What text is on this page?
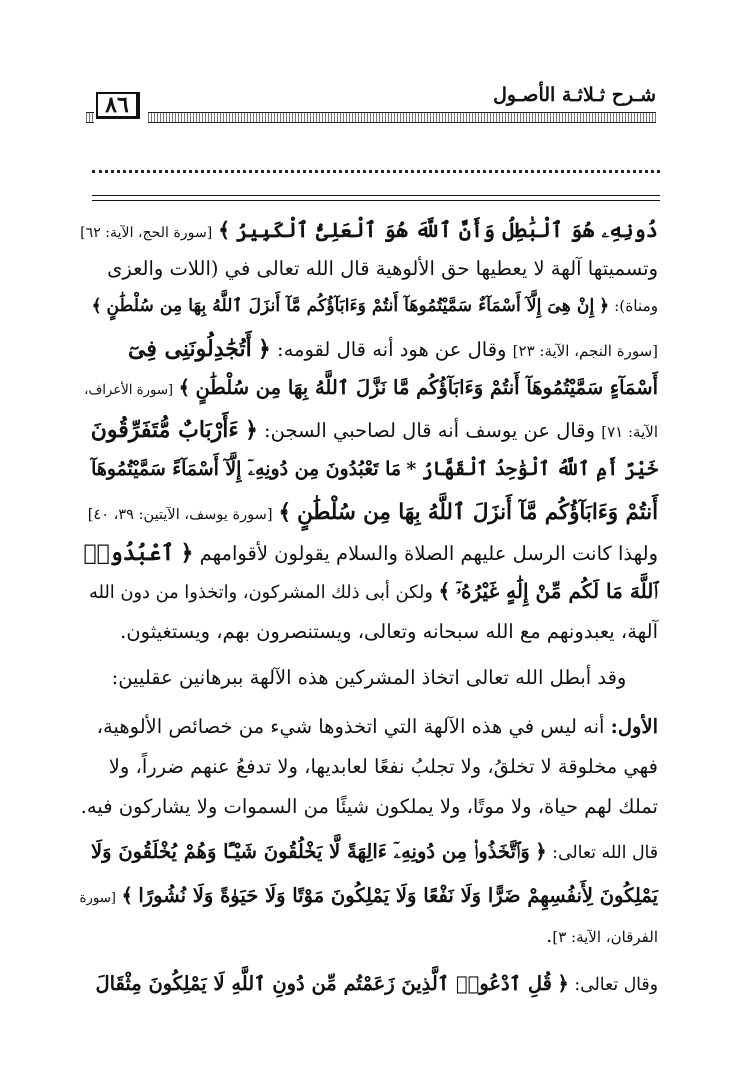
٨٦	شـرح ثـلاثـة الأصـول
دُونِهِۦ هُوَ ٱلْبَٰطِلُ وَأَنَّ ٱللَّهَ هُوَ ٱلْعَلِىُّ ٱلْكَبِيرُ ﴾ [سورة الحج، الآية: ٦٢]
وتسميتها آلهة لا يعطيها حق الألوهية قال الله تعالى في (اللات والعزى
ومناة): ﴿ إِنْ هِىَ إِلَّآ أَسْمَآءٌ سَمَّيْتُمُوهَآ أَنتُمْ وَءَابَآؤُكُم مَّآ أَنزَلَ ٱللَّهُ بِهَا مِن سُلْطَٰنٍ ﴾
[سورة النجم، الآية: ٢٣] وقال عن هود أنه قال لقومه: ﴿ أَتُجَٰدِلُونَنِى فِىٓ
أَسْمَآءٍ سَمَّيْتُمُوهَآ أَنتُمْ وَءَابَآؤُكُم مَّا نَزَّلَ ٱللَّهُ بِهَا مِن سُلْطَٰنٍ ﴾ [سورة الأعراف،
الآية: ٧١] وقال عن يوسف أنه قال لصاحبي السجن: ﴿ ءَأَرْبَابٌ مُّتَفَرِّقُونَ
خَيْرٌ أَمِ ٱللَّهُ ٱلْوَٰحِدُ ٱلْقَهَّارُ * مَا تَعْبُدُونَ مِن دُونِهِۦٓ إِلَّآ أَسْمَآءً سَمَّيْتُمُوهَآ
أَنتُمْ وَءَابَآؤُكُم مَّآ أَنزَلَ ٱللَّهُ بِهَا مِن سُلْطَٰنٍ ﴾ [سورة يوسف، الآيتين: ٣٩، ٤٠]
ولهذا كانت الرسل عليهم الصلاة والسلام يقولون لأقوامهم ﴿ ٱعْبُدُوا۟
ٱللَّهَ مَا لَكُم مِّنْ إِلَٰهٍ غَيْرُهُۥٓ ﴾ ولكن أبى ذلك المشركون، واتخذوا من دون الله
آلهة، يعبدونهم مع الله سبحانه وتعالى، ويستنصرون بهم، ويستغيثون.
وقد أبطل الله تعالى اتخاذ المشركين هذه الآلهة ببرهانين عقليين:
الأول: أنه ليس في هذه الآلهة التي اتخذوها شيء من خصائص الألوهية،
فهي مخلوقة لا تخلقُ، ولا تجلبُ نفعًا لعابديها، ولا تدفعُ عنهم ضرراً، ولا
تملك لهم حياة، ولا موتًا، ولا يملكون شيئًا من السموات ولا يشاركون فيه.
قال الله تعالى: ﴿ وَٱتَّخَذُوا۟ مِن دُونِهِۦٓ ءَالِهَةً لَّا يَخْلُقُونَ شَيْـًٔا وَهُمْ يُخْلَقُونَ وَلَا
يَمْلِكُونَ لِأَنفُسِهِمْ ضَرًّا وَلَا نَفْعًا وَلَا يَمْلِكُونَ مَوْتًا وَلَا حَيَوٰةً وَلَا نُشُورًا ﴾ [سورة
الفرقان، الآية: ٣].
وقال تعالى: ﴿ قُلِ ٱدْعُوا۟ ٱلَّذِينَ زَعَمْتُم مِّن دُونِ ٱللَّهِ لَا يَمْلِكُونَ مِثْقَالَ
